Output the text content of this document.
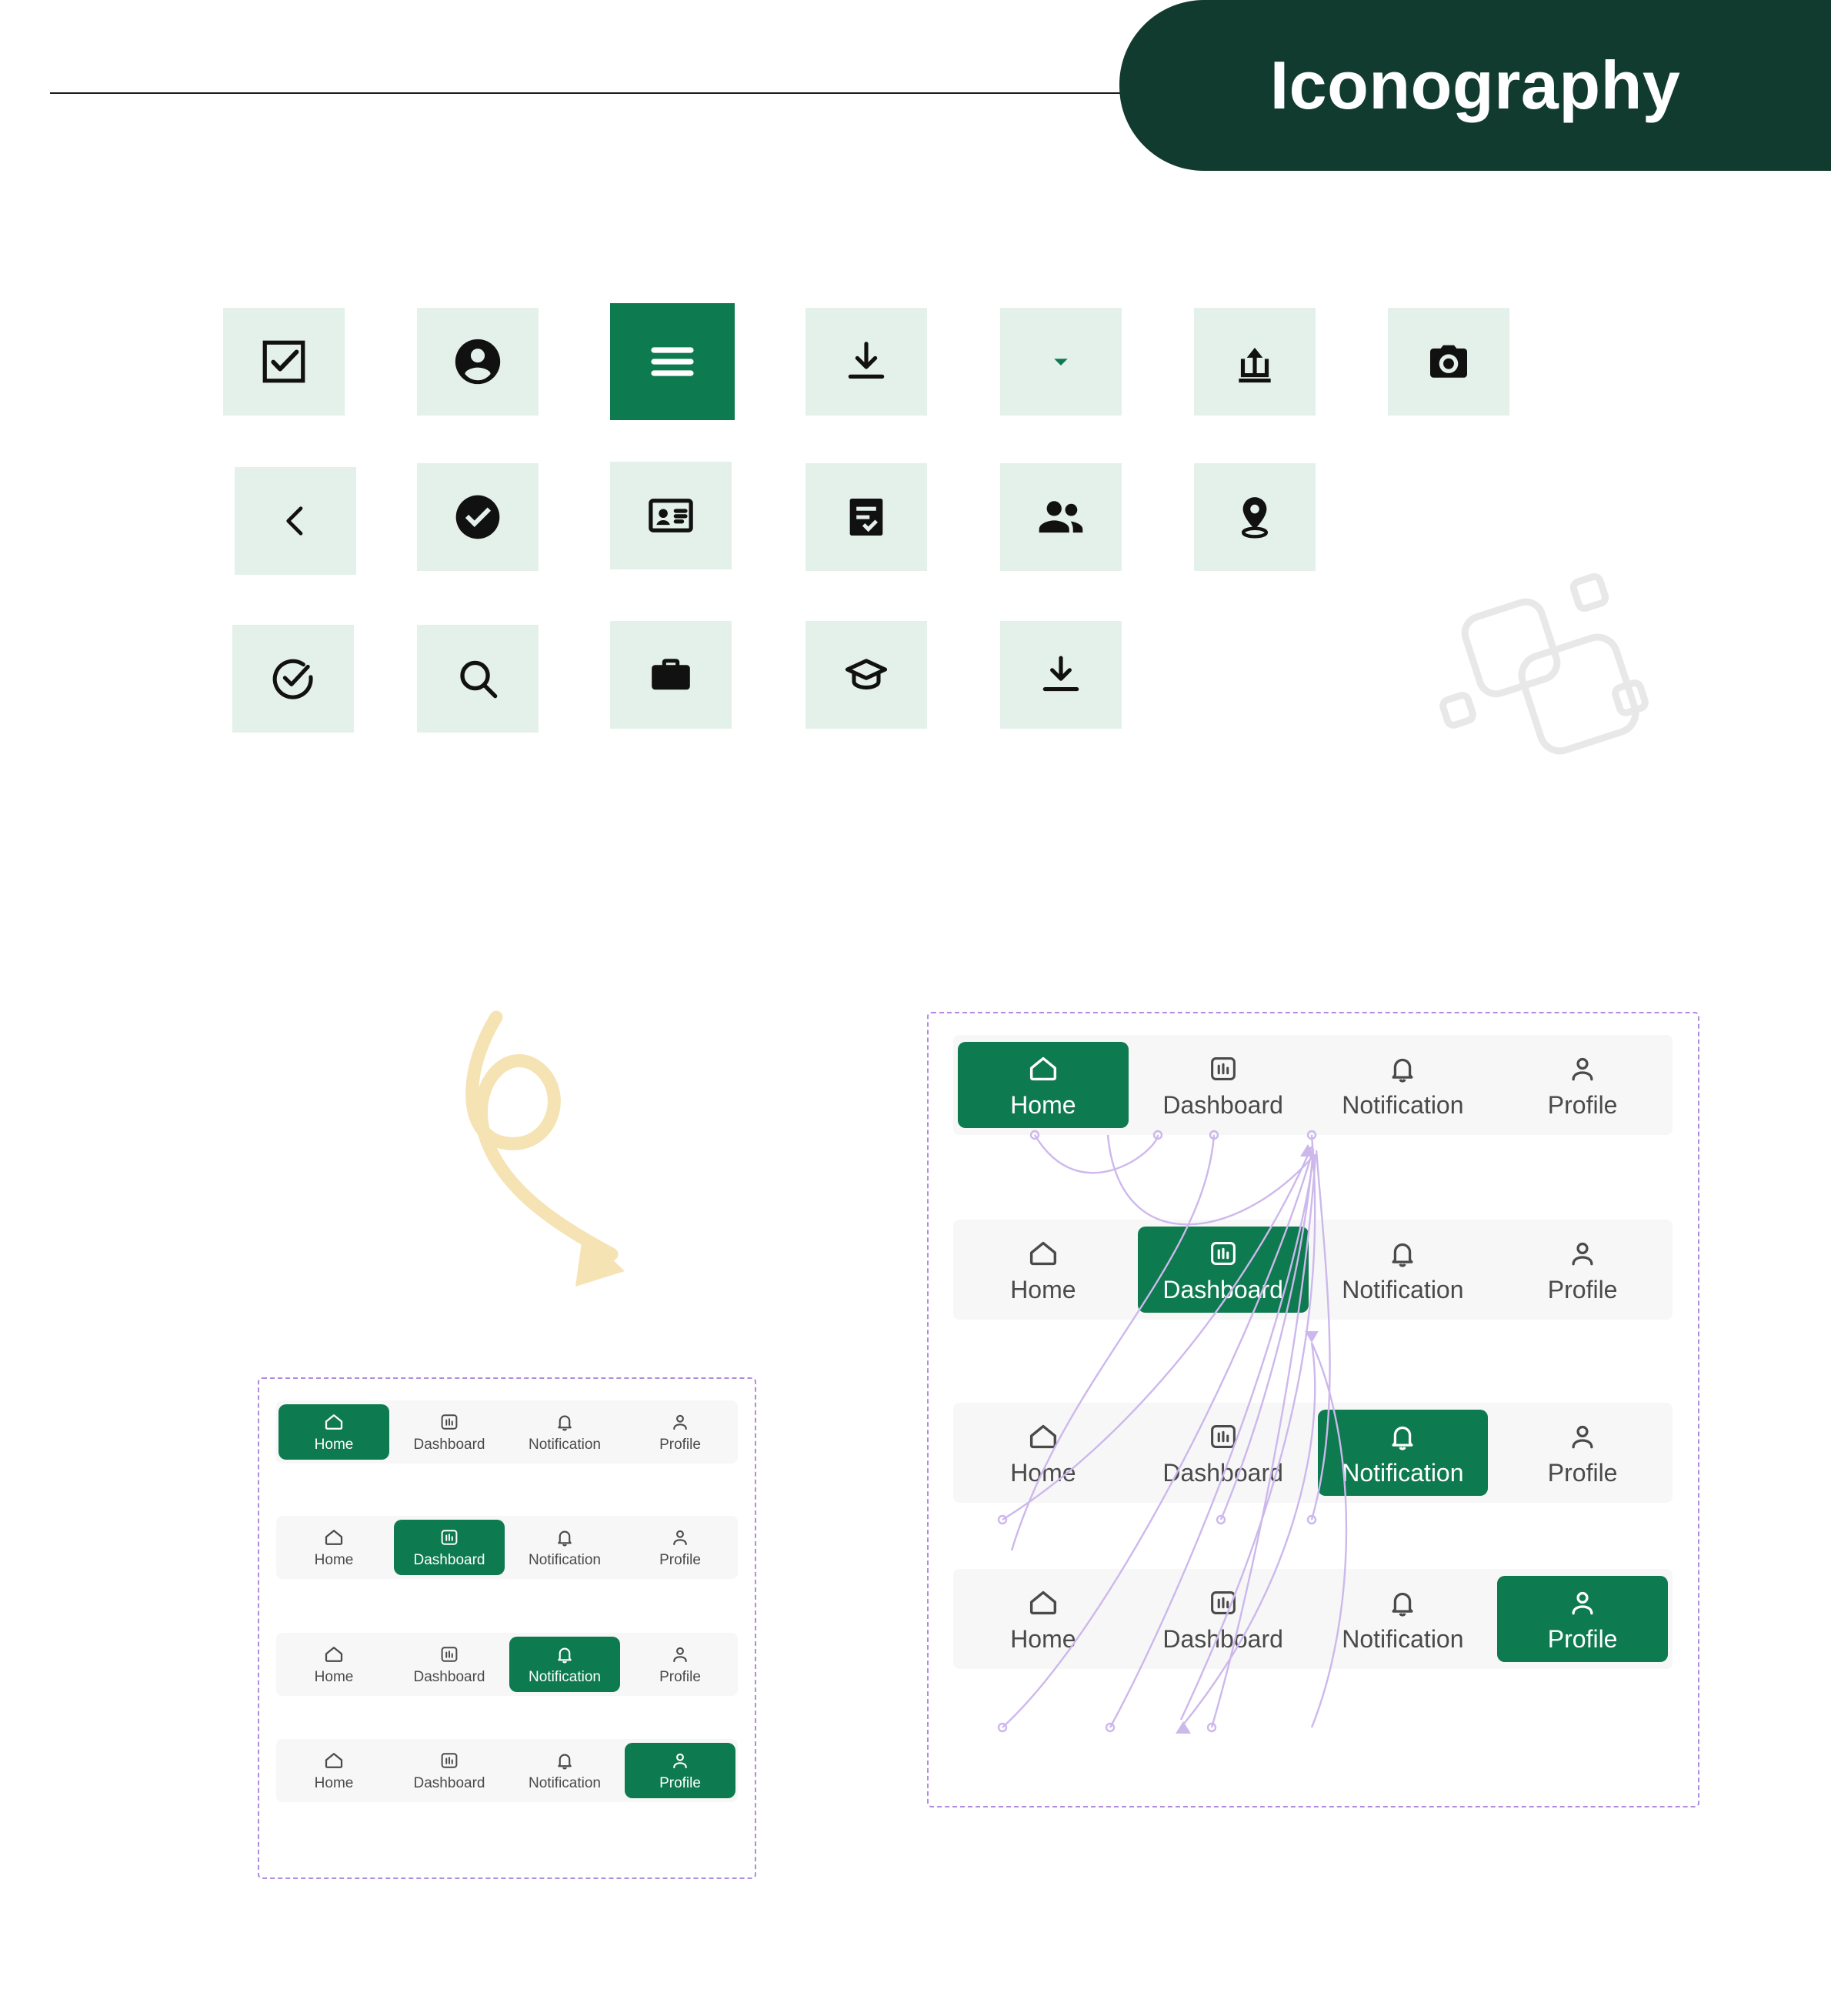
Iconography
Home	Dashboard	Notification	Profile
Home	Dashboard	Notification	Profile
Home	Dashboard	Notification	Profile
Home	Dashboard	Notification	Profile
Home	Dashboard Notification	Profile
Home	Dashboard Notification	Profile
Home	Dashboard Notification	Profile
Home	Dashboard Notification	Profile
